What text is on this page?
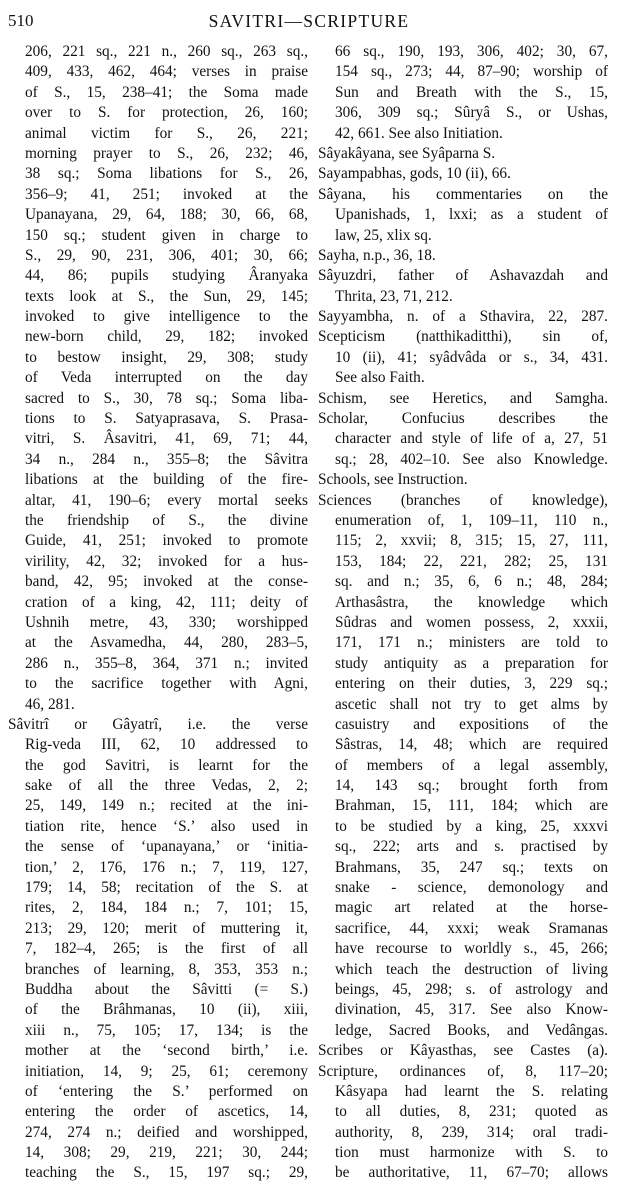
510	SAVITRI—SCRIPTURE
206, 221 sq., 221 n., 260 sq., 263 sq.,
409, 433, 462, 464; verses in praise
of S., 15, 238–41; the Soma made
over to S. for protection, 26, 160;
animal victim for S., 26, 221;
morning prayer to S., 26, 232; 46,
38 sq.; Soma libations for S., 26,
356–9; 41, 251; invoked at the
Upanayana, 29, 64, 188; 30, 66, 68,
150 sq.; student given in charge to
S., 29, 90, 231, 306, 401; 30, 66;
44, 86; pupils studying Âranyaka
texts look at S., the Sun, 29, 145;
invoked to give intelligence to the
new-born child, 29, 182; invoked
to bestow insight, 29, 308; study
of Veda interrupted on the day
sacred to S., 30, 78 sq.; Soma liba-
tions to S. Satyaprasava, S. Prasa-
vitri, S. Âsavitri, 41, 69, 71; 44,
34 n., 284 n., 355–8; the Sâvitra
libations at the building of the fire-
altar, 41, 190–6; every mortal seeks
the friendship of S., the divine
Guide, 41, 251; invoked to promote
virility, 42, 32; invoked for a hus-
band, 42, 95; invoked at the conse-
cration of a king, 42, 111; deity of
Ushnih metre, 43, 330; worshipped
at the Asvamedha, 44, 280, 283–5,
286 n., 355–8, 364, 371 n.; invited
to the sacrifice together with Agni,
46, 281.
Sâvitrî or Gâyatrî, i.e. the verse
Rig-veda III, 62, 10 addressed to
the god Savitri, is learnt for the
sake of all the three Vedas, 2, 2;
25, 149, 149 n.; recited at the ini-
tiation rite, hence ‘S.’ also used in
the sense of ‘upanayana,’ or ‘initia-
tion,’ 2, 176, 176 n.; 7, 119, 127,
179; 14, 58; recitation of the S. at
rites, 2, 184, 184 n.; 7, 101; 15,
213; 29, 120; merit of muttering it,
7, 182–4, 265; is the first of all
branches of learning, 8, 353, 353 n.;
Buddha about the Sâvitti (= S.)
of the Brâhmanas, 10 (ii), xiii,
xiii n., 75, 105; 17, 134; is the
mother at the ‘second birth,’ i.e.
initiation, 14, 9; 25, 61; ceremony
of ‘entering the S.’ performed on
entering the order of ascetics, 14,
274, 274 n.; deified and worshipped,
14, 308; 29, 219, 221; 30, 244;
teaching the S., 15, 197 sq.; 29,
66 sq., 190, 193, 306, 402; 30, 67,
154 sq., 273; 44, 87–90; worship of
Sun and Breath with the S., 15,
306, 309 sq.; Sûryâ S., or Ushas,
42, 661. See also Initiation.
Sâyakâyana, see Syâparna S.
Sayampabhas, gods, 10 (ii), 66.
Sâyana, his commentaries on the
Upanishads, 1, lxxi; as a student of
law, 25, xlix sq.
Sayha, n.p., 36, 18.
Sâyuzdri, father of Ashavazdah and
Thrita, 23, 71, 212.
Sayyambha, n. of a Sthavira, 22, 287.
Scepticism (natthikaditthi), sin of,
10 (ii), 41; syâdvâda or s., 34, 431.
See also Faith.
Schism, see Heretics, and Samgha.
Scholar, Confucius describes the
character and style of life of a, 27, 51
sq.; 28, 402–10. See also Knowledge.
Schools, see Instruction.
Sciences (branches of knowledge),
enumeration of, 1, 109–11, 110 n.,
115; 2, xxvii; 8, 315; 15, 27, 111,
153, 184; 22, 221, 282; 25, 131
sq. and n.; 35, 6, 6 n.; 48, 284;
Arthasâstra, the knowledge which
Sûdras and women possess, 2, xxxii,
171, 171 n.; ministers are told to
study antiquity as a preparation for
entering on their duties, 3, 229 sq.;
ascetic shall not try to get alms by
casuistry and expositions of the
Sâstras, 14, 48; which are required
of members of a legal assembly,
14, 143 sq.; brought forth from
Brahman, 15, 111, 184; which are
to be studied by a king, 25, xxxvi
sq., 222; arts and s. practised by
Brahmans, 35, 247 sq.; texts on
snake - science, demonology and
magic art related at the horse-
sacrifice, 44, xxxi; weak Sramanas
have recourse to worldly s., 45, 266;
which teach the destruction of living
beings, 45, 298; s. of astrology and
divination, 45, 317. See also Know-
ledge, Sacred Books, and Vedângas.
Scribes or Kâyasthas, see Castes (a).
Scripture, ordinances of, 8, 117–20;
Kâsyapa had learnt the S. relating
to all duties, 8, 231; quoted as
authority, 8, 239, 314; oral tradi-
tion must harmonize with S. to
be authoritative, 11, 67–70; allows
